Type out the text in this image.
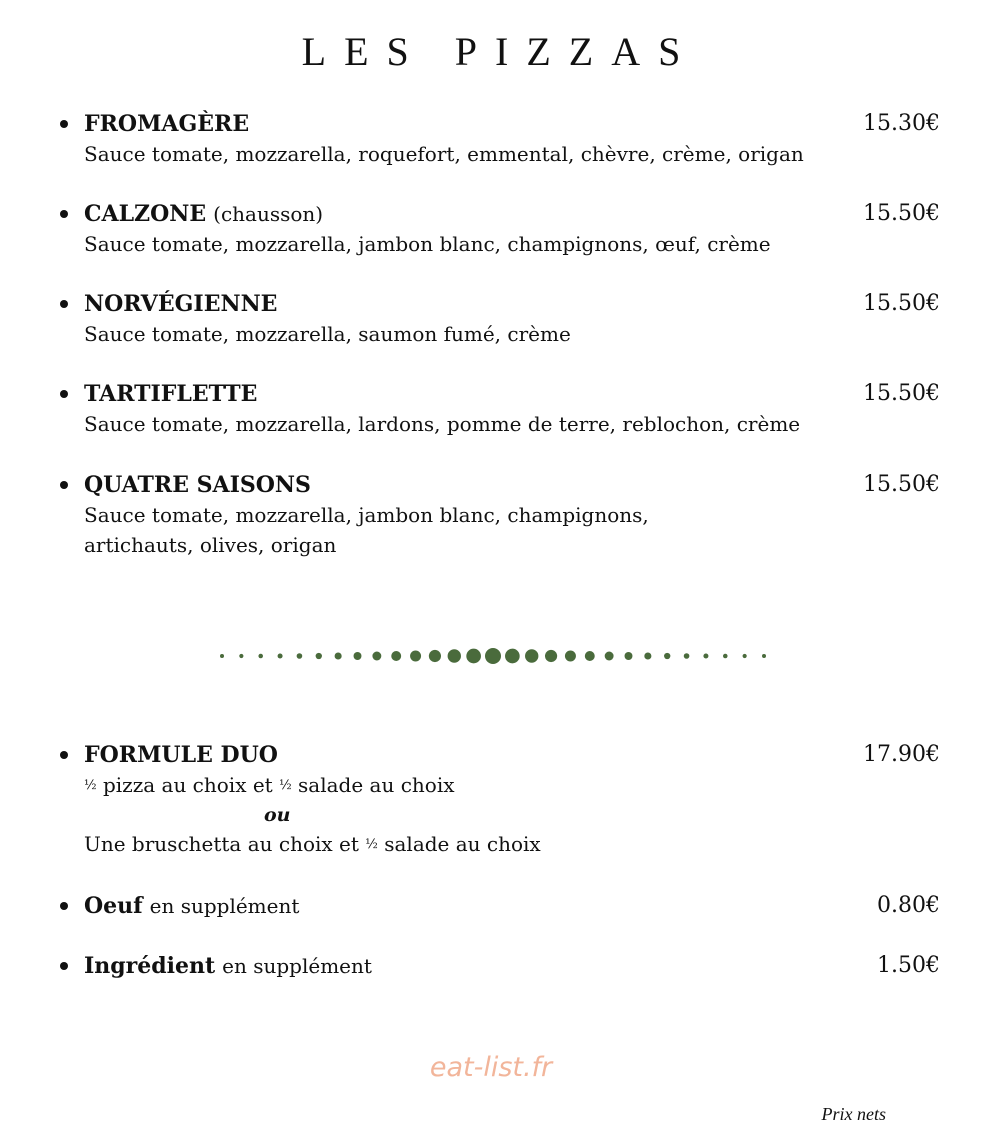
LES PIZZAS
FROMAGÈRE	15.30€
Sauce tomate, mozzarella, roquefort, emmental, chèvre, crème, origan
CALZONE (chausson)	15.50€
Sauce tomate, mozzarella, jambon blanc, champignons, œuf, crème
NORVÉGIENNE	15.50€
Sauce tomate, mozzarella, saumon fumé, crème
TARTIFLETTE	15.50€
Sauce tomate, mozzarella, lardons, pomme de terre, reblochon, crème
QUATRE SAISONS	15.50€
Sauce tomate, mozzarella, jambon blanc, champignons,
artichauts, olives, origan
FORMULE DUO	17.90€
½ pizza au choix et ½ salade au choix
ou
Une bruschetta au choix et ½ salade au choix
Oeuf en supplément	0.80€
Ingrédient en supplément	1.50€
eat-list.fr
Prix nets
